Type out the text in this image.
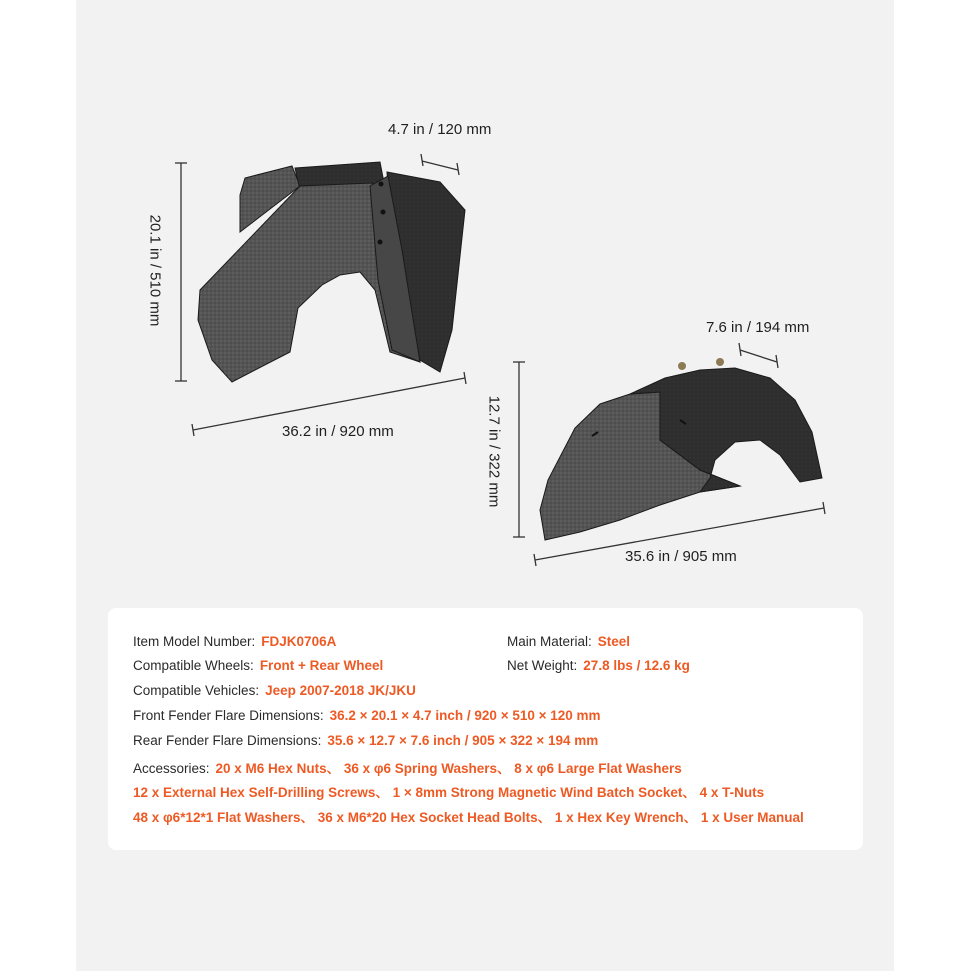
4.7 in / 120 mm
20.1 in / 510 mm
36.2 in / 920 mm
7.6 in / 194 mm
12.7 in / 322 mm
35.6 in / 905 mm
Item Model Number: FDJK0706A	Main Material: Steel
Compatible Wheels: Front + Rear Wheel	Net Weight: 27.8 lbs / 12.6 kg
Compatible Vehicles: Jeep 2007-2018 JK/JKU
Front Fender Flare Dimensions: 36.2 × 20.1 × 4.7 inch / 920 × 510 × 120 mm
Rear Fender Flare Dimensions: 35.6 × 12.7 × 7.6 inch / 905 × 322 × 194 mm
Accessories: 20 x M6 Hex Nuts、 36 x φ6 Spring Washers、 8 x φ6 Large Flat Washers
12 x External Hex Self-Drilling Screws、 1 × 8mm Strong Magnetic Wind Batch Socket、 4 x T-Nuts
48 x φ6*12*1 Flat Washers、 36 x M6*20 Hex Socket Head Bolts、 1 x Hex Key Wrench、 1 x User Manual
